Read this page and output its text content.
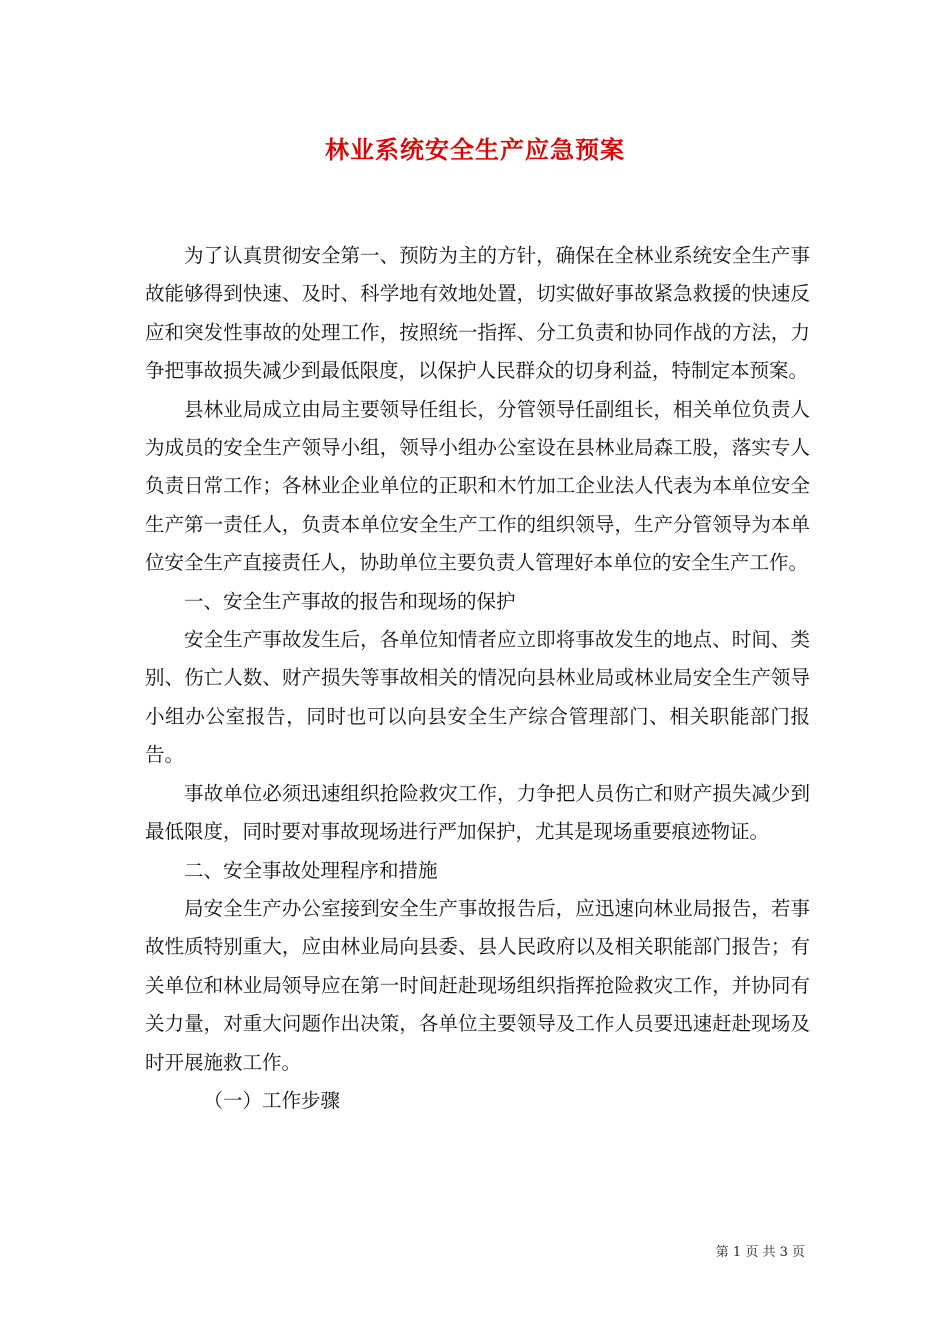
林业系统安全生产应急预案

为了认真贯彻安全第一、预防为主的方针，确保在全林业系统安全生产事故能够得到快速、及时、科学地有效地处置，切实做好事故紧急救援的快速反应和突发性事故的处理工作，按照统一指挥、分工负责和协同作战的方法，力争把事故损失减少到最低限度，以保护人民群众的切身利益，特制定本预案。

县林业局成立由局主要领导任组长，分管领导任副组长，相关单位负责人为成员的安全生产领导小组，领导小组办公室设在县林业局森工股，落实专人负责日常工作；各林业企业单位的正职和木竹加工企业法人代表为本单位安全生产第一责任人，负责本单位安全生产工作的组织领导，生产分管领导为本单位安全生产直接责任人，协助单位主要负责人管理好本单位的安全生产工作。

一、安全生产事故的报告和现场的保护

安全生产事故发生后，各单位知情者应立即将事故发生的地点、时间、类别、伤亡人数、财产损失等事故相关的情况向县林业局或林业局安全生产领导小组办公室报告，同时也可以向县安全生产综合管理部门、相关职能部门报告。

事故单位必须迅速组织抢险救灾工作，力争把人员伤亡和财产损失减少到最低限度，同时要对事故现场进行严加保护，尤其是现场重要痕迹物证。

二、安全事故处理程序和措施

局安全生产办公室接到安全生产事故报告后，应迅速向林业局报告，若事故性质特别重大，应由林业局向县委、县人民政府以及相关职能部门报告；有关单位和林业局领导应在第一时间赶赴现场组织指挥抢险救灾工作，并协同有关力量，对重大问题作出决策，各单位主要领导及工作人员要迅速赶赴现场及时开展施救工作。

（一）工作步骤

第 1 页 共 3 页
